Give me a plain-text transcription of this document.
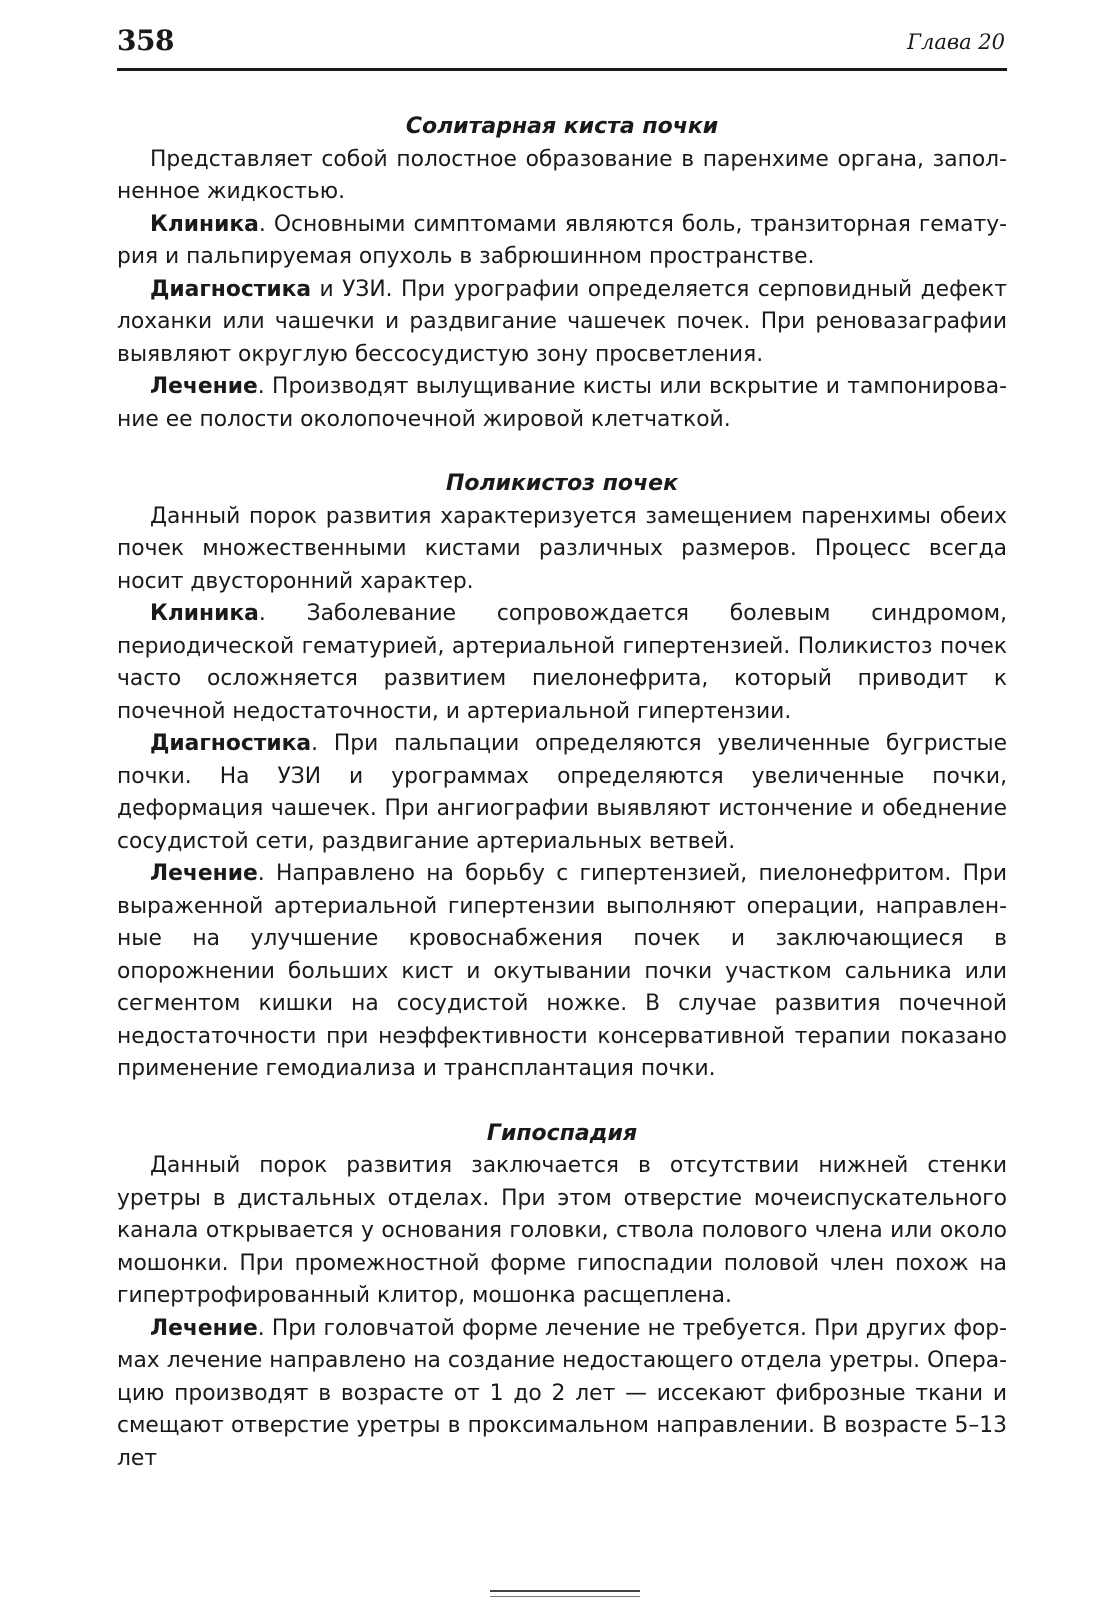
358	Глава 20
Солитарная киста почки

Представляет собой полостное образование в паренхиме органа, заполненное жидкостью.

Клиника. Основными симптомами являются боль, транзиторная гематурия и пальпируемая опухоль в забрюшинном пространстве.

Диагностика и УЗИ. При урографии определяется серповидный дефект лоханки или чашечки и раздвигание чашечек почек. При реновазаграфии выявляют округлую бессосудистую зону просветления.

Лечение. Производят вылущивание кисты или вскрытие и тампонирование ее полости околопочечной жировой клетчаткой.

Поликистоз почек

Данный порок развития характеризуется замещением паренхимы обеих почек множественными кистами различных размеров. Процесс всегда носит двусторонний характер.

Клиника. Заболевание сопровождается болевым синдромом, периодической гематурией, артериальной гипертензией. Поликистоз почек часто осложняется развитием пиелонефрита, который приводит к почечной недостаточности, и артериальной гипертензии.

Диагностика. При пальпации определяются увеличенные бугристые почки. На УЗИ и урограммах определяются увеличенные почки, деформация чашечек. При ангиографии выявляют истончение и обеднение сосудистой сети, раздвигание артериальных ветвей.

Лечение. Направлено на борьбу с гипертензией, пиелонефритом. При выраженной артериальной гипертензии выполняют операции, направленные на улучшение кровоснабжения почек и заключающиеся в опорожнении больших кист и окутывании почки участком сальника или сегментом кишки на сосудистой ножке. В случае развития почечной недостаточности при неэффективности консервативной терапии показано применение гемодиализа и трансплантация почки.

Гипоспадия

Данный порок развития заключается в отсутствии нижней стенки уретры в дистальных отделах. При этом отверстие мочеиспускательного канала открывается у основания головки, ствола полового члена или около мошонки. При промежностной форме гипоспадии половой член похож на гипертрофированный клитор, мошонка расщеплена.

Лечение. При головчатой форме лечение не требуется. При других формах лечение направлено на создание недостающего отдела уретры. Операцию производят в возрасте от 1 до 2 лет — иссекают фиброзные ткани и смещают отверстие уретры в проксимальном направлении. В возрасте 5–13 лет
